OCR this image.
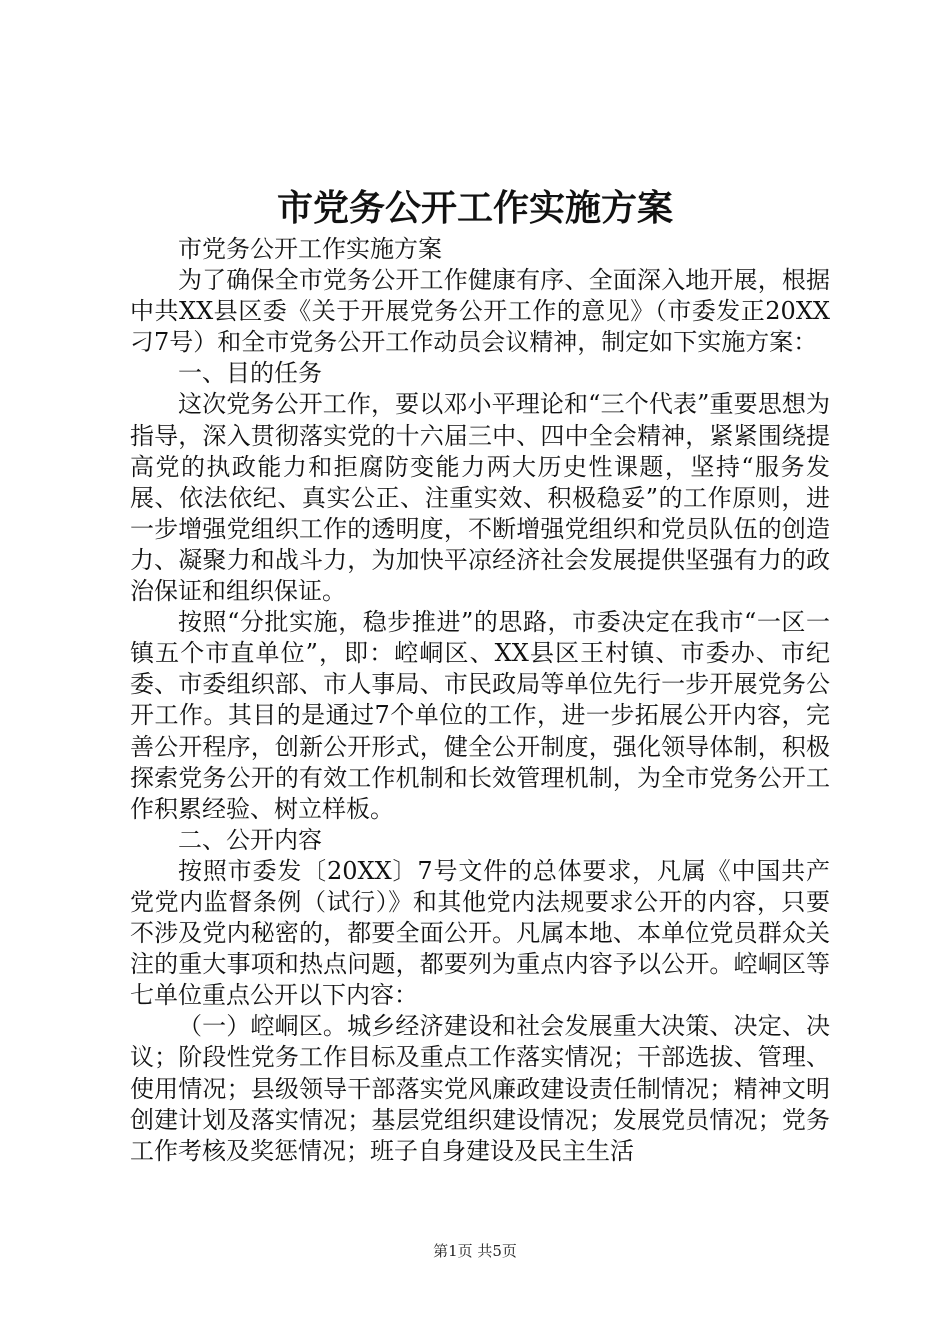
市党务公开工作实施方案

市党务公开工作实施方案

为了确保全市党务公开工作健康有序、全面深入地开展，根据中共XX县区委《关于开展党务公开工作的意见》（市委发正20XX刁7号）和全市党务公开工作动员会议精神，制定如下实施方案：

一、目的任务

这次党务公开工作，要以邓小平理论和“三个代表”重要思想为指导，深入贯彻落实党的十六届三中、四中全会精神，紧紧围绕提高党的执政能力和拒腐防变能力两大历史性课题，坚持“服务发展、依法依纪、真实公正、注重实效、积极稳妥”的工作原则，进一步增强党组织工作的透明度，不断增强党组织和党员队伍的创造力、凝聚力和战斗力，为加快平凉经济社会发展提供坚强有力的政治保证和组织保证。

按照“分批实施，稳步推进”的思路，市委决定在我市“一区一镇五个市直单位”，即：崆峒区、XX县区王村镇、市委办、市纪委、市委组织部、市人事局、市民政局等单位先行一步开展党务公开工作。其目的是通过7个单位的工作，进一步拓展公开内容，完善公开程序，创新公开形式，健全公开制度，强化领导体制，积极探索党务公开的有效工作机制和长效管理机制，为全市党务公开工作积累经验、树立样板。

二、公开内容

按照市委发〔20XX〕7号文件的总体要求，凡属《中国共产党党内监督条例（试行）》和其他党内法规要求公开的内容，只要不涉及党内秘密的，都要全面公开。凡属本地、本单位党员群众关注的重大事项和热点问题，都要列为重点内容予以公开。崆峒区等七单位重点公开以下内容：

（一）崆峒区。城乡经济建设和社会发展重大决策、决定、决议；阶段性党务工作目标及重点工作落实情况；干部选拔、管理、使用情况；县级领导干部落实党风廉政建设责任制情况；精神文明创建计划及落实情况；基层党组织建设情况；发展党员情况；党务工作考核及奖惩情况；班子自身建设及民主生活

第1页 共5页
